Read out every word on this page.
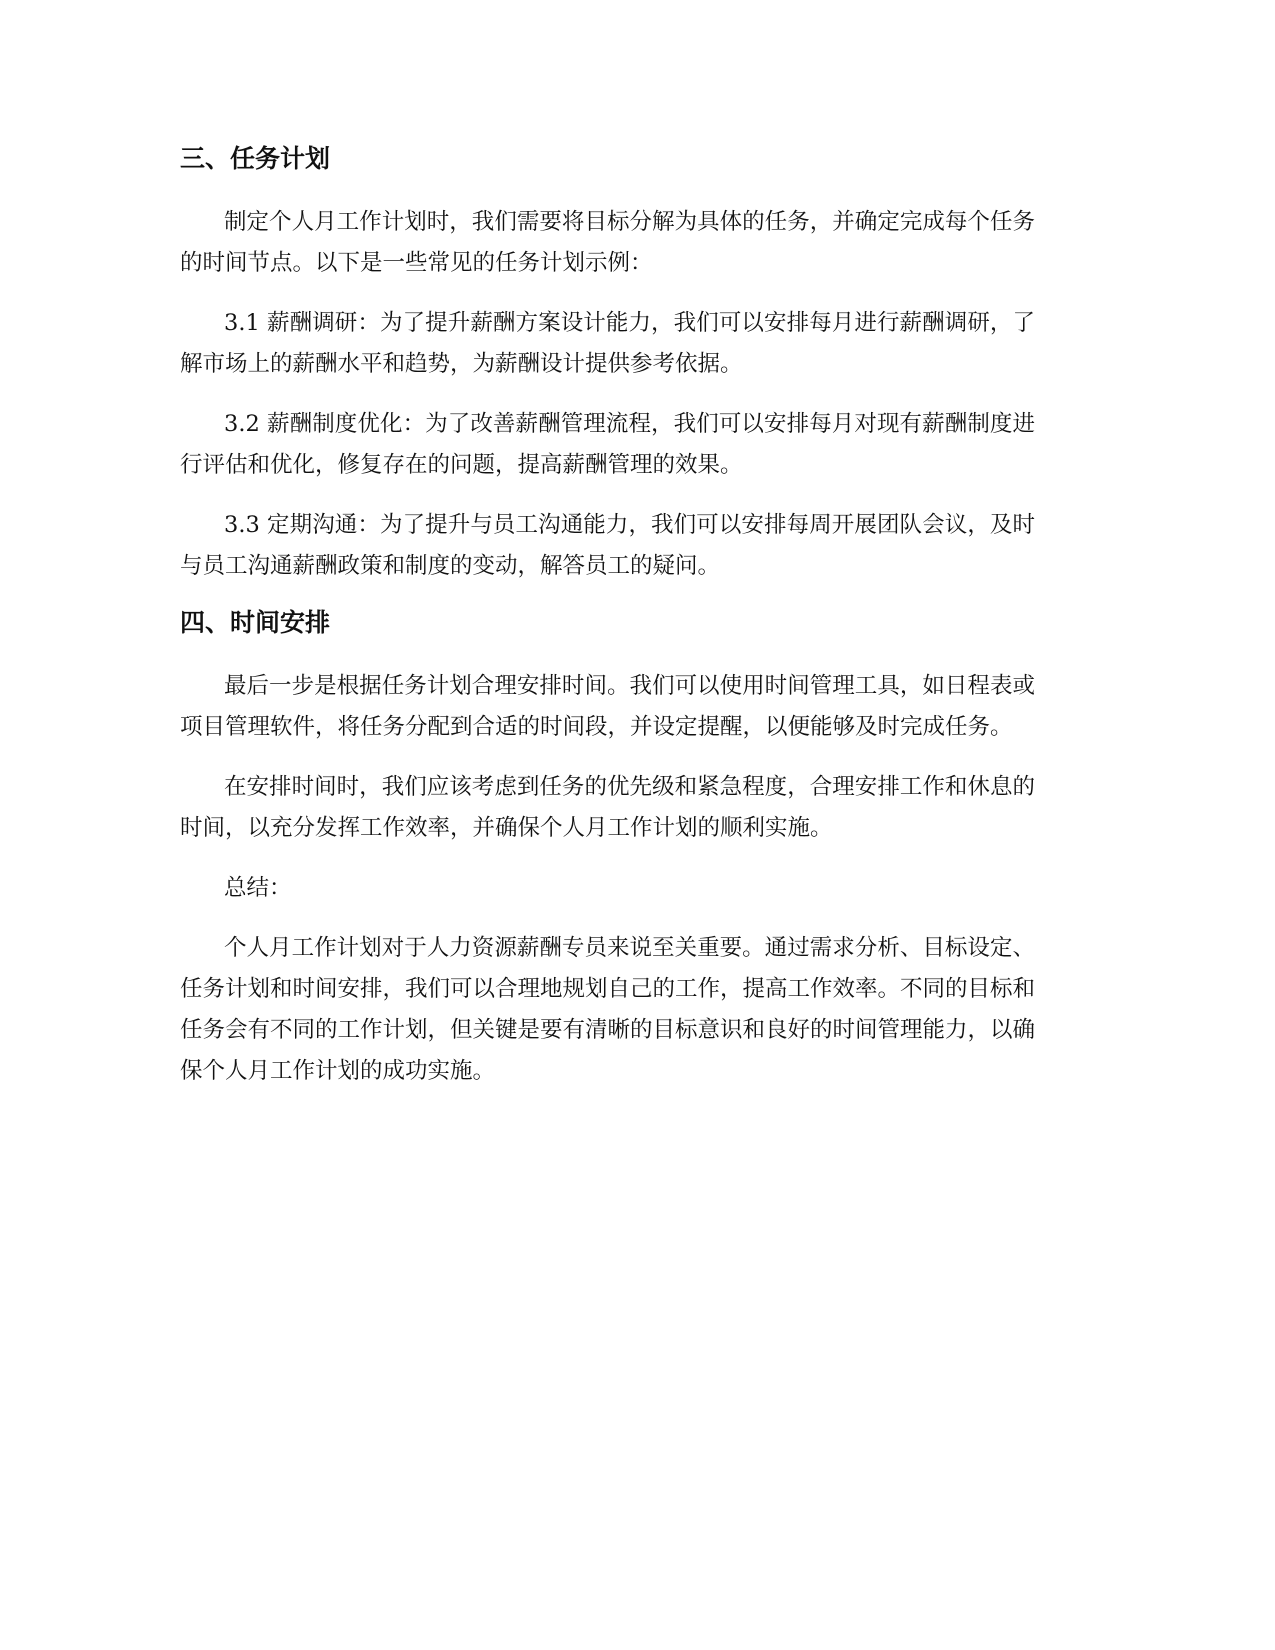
三、任务计划

制定个人月工作计划时，我们需要将目标分解为具体的任务，并确定完成每个任务的时间节点。以下是一些常见的任务计划示例：

3.1 薪酬调研：为了提升薪酬方案设计能力，我们可以安排每月进行薪酬调研，了解市场上的薪酬水平和趋势，为薪酬设计提供参考依据。

3.2 薪酬制度优化：为了改善薪酬管理流程，我们可以安排每月对现有薪酬制度进行评估和优化，修复存在的问题，提高薪酬管理的效果。

3.3 定期沟通：为了提升与员工沟通能力，我们可以安排每周开展团队会议，及时与员工沟通薪酬政策和制度的变动，解答员工的疑问。

四、时间安排

最后一步是根据任务计划合理安排时间。我们可以使用时间管理工具，如日程表或项目管理软件，将任务分配到合适的时间段，并设定提醒，以便能够及时完成任务。

在安排时间时，我们应该考虑到任务的优先级和紧急程度，合理安排工作和休息的时间，以充分发挥工作效率，并确保个人月工作计划的顺利实施。

总结：

个人月工作计划对于人力资源薪酬专员来说至关重要。通过需求分析、目标设定、任务计划和时间安排，我们可以合理地规划自己的工作，提高工作效率。不同的目标和任务会有不同的工作计划，但关键是要有清晰的目标意识和良好的时间管理能力，以确保个人月工作计划的成功实施。
